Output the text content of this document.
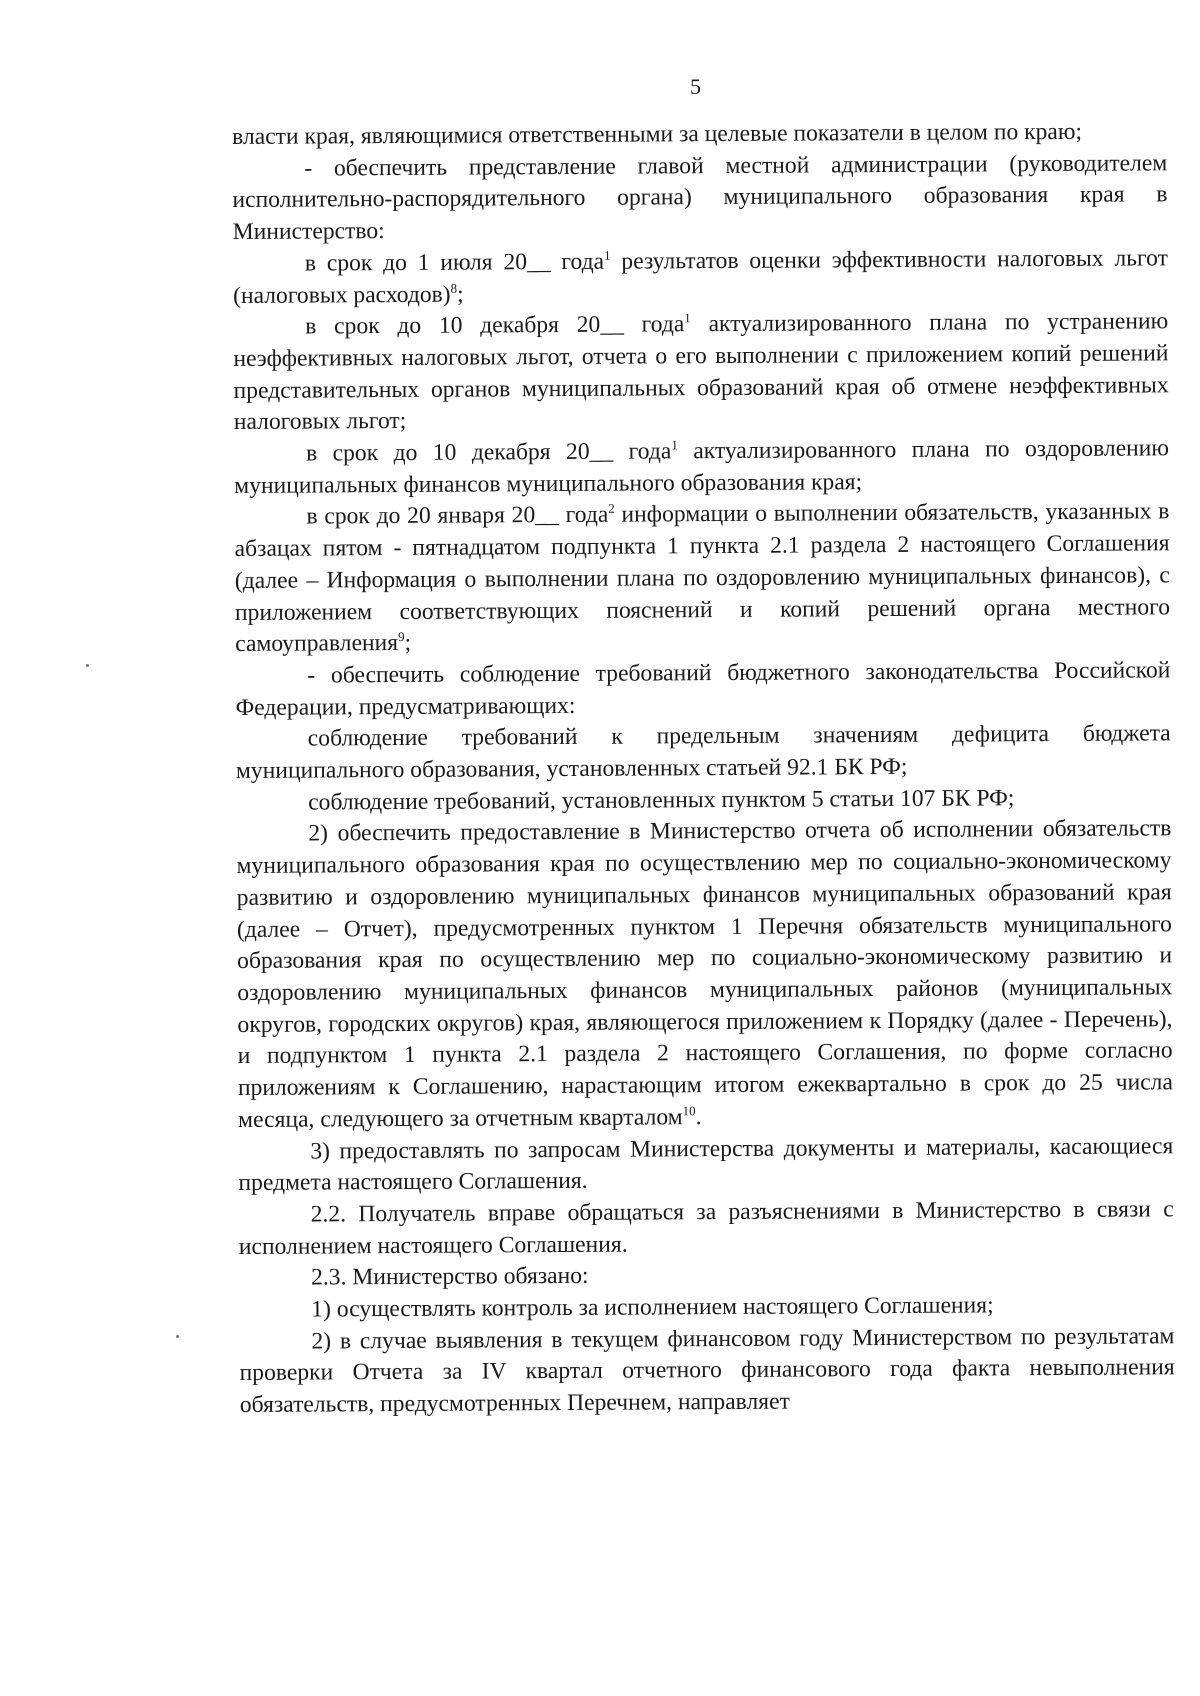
5

власти края, являющимися ответственными за целевые показатели в целом по краю;

- обеспечить представление главой местной администрации (руководителем исполнительно-распорядительного органа) муниципального образования края в Министерство:

в срок до 1 июля 20__ года$^1$ результатов оценки эффективности налоговых льгот (налоговых расходов)$^8$;

в срок до 10 декабря 20__ года$^1$ актуализированного плана по устранению неэффективных налоговых льгот, отчета о его выполнении с приложением копий решений представительных органов муниципальных образований края об отмене неэффективных налоговых льгот;

в срок до 10 декабря 20__ года$^1$ актуализированного плана по оздоровлению муниципальных финансов муниципального образования края;

в срок до 20 января 20__ года$^2$ информации о выполнении обязательств, указанных в абзацах пятом - пятнадцатом подпункта 1 пункта 2.1 раздела 2 настоящего Соглашения (далее – Информация о выполнении плана по оздоровлению муниципальных финансов), с приложением соответствующих пояснений и копий решений органа местного самоуправления$^9$;

- обеспечить соблюдение требований бюджетного законодательства Российской Федерации, предусматривающих:

соблюдение требований к предельным значениям дефицита бюджета муниципального образования, установленных статьей 92.1 БК РФ;

соблюдение требований, установленных пунктом 5 статьи 107 БК РФ;

2) обеспечить предоставление в Министерство отчета об исполнении обязательств муниципального образования края по осуществлению мер по социально-экономическому развитию и оздоровлению муниципальных финансов муниципальных образований края (далее – Отчет), предусмотренных пунктом 1 Перечня обязательств муниципального образования края по осуществлению мер по социально-экономическому развитию и оздоровлению муниципальных финансов муниципальных районов (муниципальных округов, городских округов) края, являющегося приложением к Порядку (далее - Перечень), и подпунктом 1 пункта 2.1 раздела 2 настоящего Соглашения, по форме согласно приложениям к Соглашению, нарастающим итогом ежеквартально в срок до 25 числа месяца, следующего за отчетным кварталом$^{10}$.

3) предоставлять по запросам Министерства документы и материалы, касающиеся предмета настоящего Соглашения.

2.2. Получатель вправе обращаться за разъяснениями в Министерство в связи с исполнением настоящего Соглашения.

2.3. Министерство обязано:

1) осуществлять контроль за исполнением настоящего Соглашения;

2) в случае выявления в текущем финансовом году Министерством по результатам проверки Отчета за IV квартал отчетного финансового года факта невыполнения обязательств, предусмотренных Перечнем, направляет
